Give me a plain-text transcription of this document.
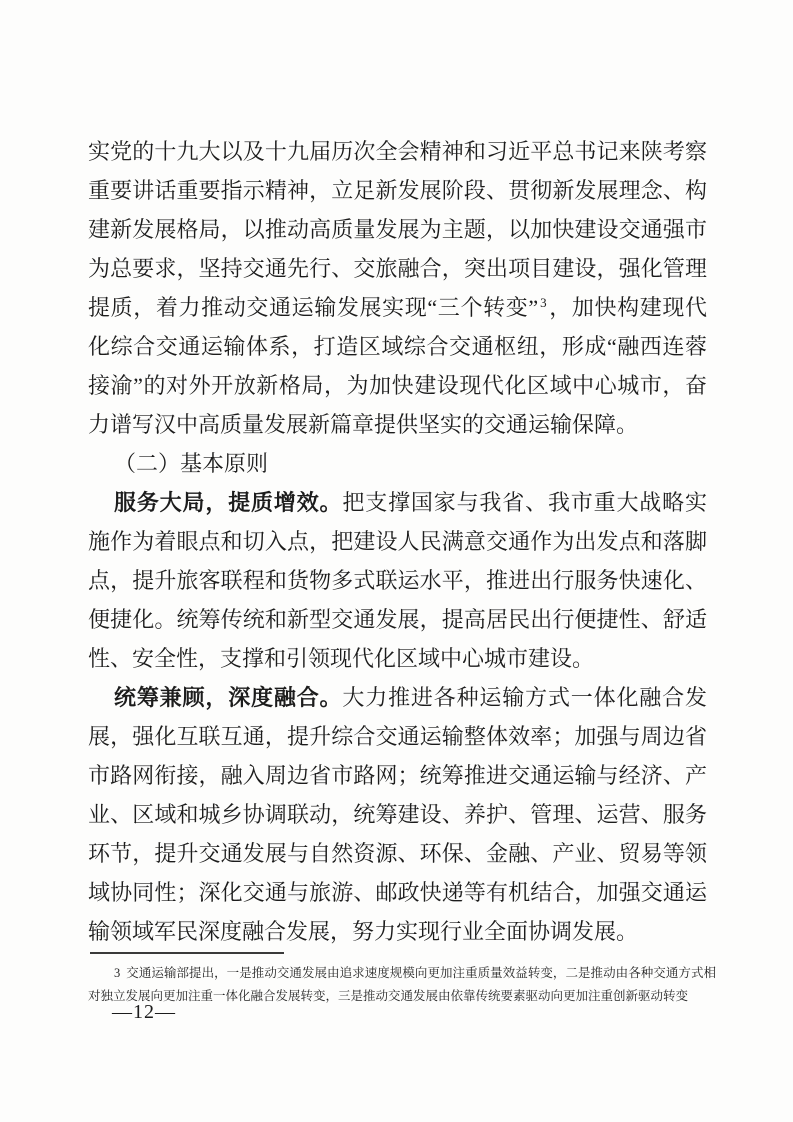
实党的十九大以及十九届历次全会精神和习近平总书记来陕考察重要讲话重要指示精神，立足新发展阶段、贯彻新发展理念、构建新发展格局，以推动高质量发展为主题，以加快建设交通强市为总要求，坚持交通先行、交旅融合，突出项目建设，强化管理提质，着力推动交通运输发展实现“三个转变” $^3$，加快构建现代化综合交通运输体系，打造区域综合交通枢纽，形成“融西连蓉接渝”的对外开放新格局，为加快建设现代化区域中心城市，奋力谱写汉中高质量发展新篇章提供坚实的交通运输保障。

（二）基本原则

服务大局，提质增效。把支撑国家与我省、我市重大战略实施作为着眼点和切入点，把建设人民满意交通作为出发点和落脚点，提升旅客联程和货物多式联运水平，推进出行服务快速化、便捷化。统筹传统和新型交通发展，提高居民出行便捷性、舒适性、安全性，支撑和引领现代化区域中心城市建设。

统筹兼顾，深度融合。大力推进各种运输方式一体化融合发展，强化互联互通，提升综合交通运输整体效率；加强与周边省市路网衔接，融入周边省市路网；统筹推进交通运输与经济、产业、区域和城乡协调联动，统筹建设、养护、管理、运营、服务环节，提升交通发展与自然资源、环保、金融、产业、贸易等领域协同性；深化交通与旅游、邮政快递等有机结合，加强交通运输领域军民深度融合发展，努力实现行业全面协调发展。

3 交通运输部提出，一是推动交通发展由追求速度规模向更加注重质量效益转变，二是推动由各种交通方式相对独立发展向更加注重一体化融合发展转变，三是推动交通发展由依靠传统要素驱动向更加注重创新驱动转变

—12—
